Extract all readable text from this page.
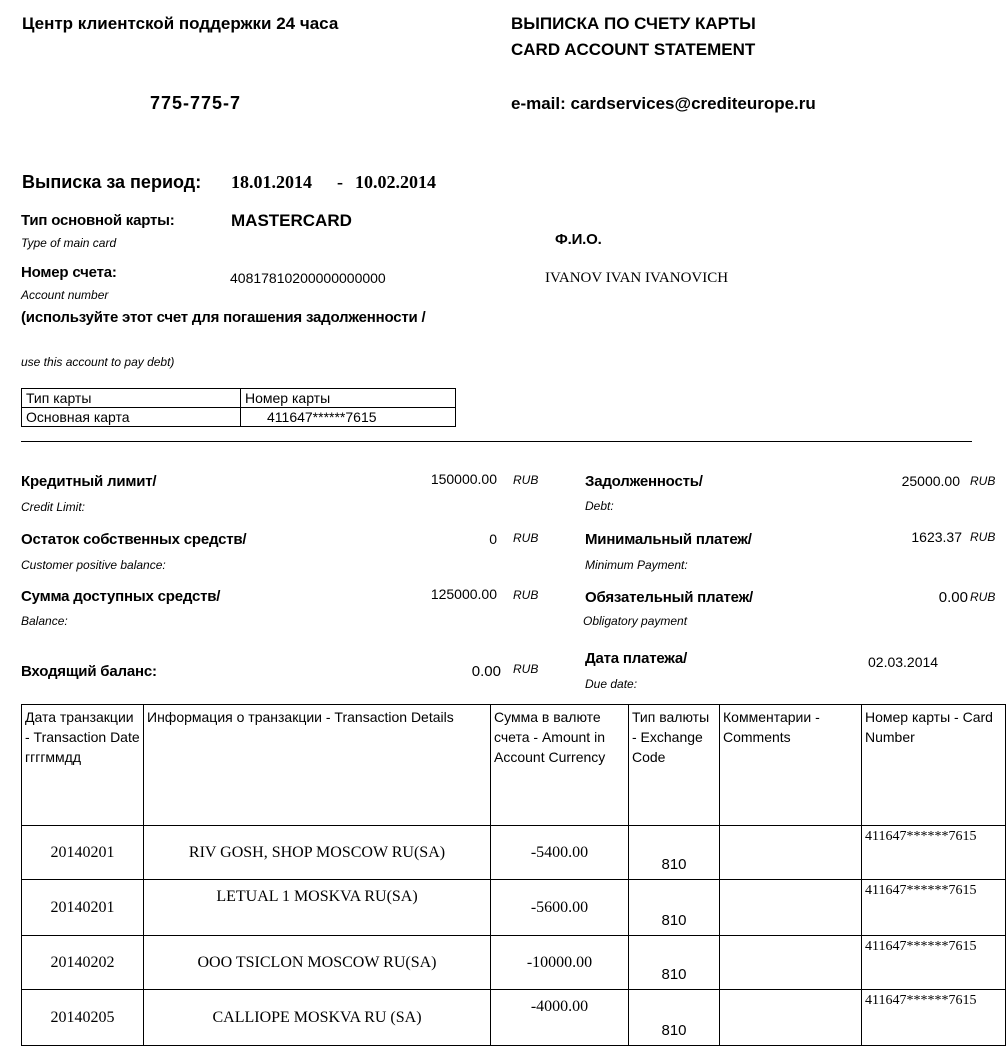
Центр клиентской поддержки 24 часа	ВЫПИСКА ПО СЧЕТУ КАРТЫ
CARD ACCOUNT STATEMENT
775-775-7	e-mail: cardservices@crediteurope.ru
Выписка за период: 18.01.2014 - 10.02.2014
Тип основной карты:
Type of main card
MASTERCARD
Ф.И.О.
Номер счета:
Account number
40817810200000000000	IVANOV IVAN IVANOVICH
(используйте этот счет для погашения задолженности /
use this account to pay debt)
Тип карты	Номер карты
Основная карта	411647******7615
Кредитный лимит/
Credit Limit:
150000.00 RUB
Остаток собственных средств/
Customer positive balance:
0 RUB
Сумма доступных средств/
Balance:
125000.00 RUB
Входящий баланс:	0.00 RUB
Задолженность/
Debt:
25000.00 RUB
Минимальный платеж/
Minimum Payment:
1623.37 RUB
Обязательный платеж/
Obligatory payment
0.00 RUB
Дата платежа/
Due date:
02.03.2014
Дата транзакции - Transaction Date ггггммдд	Информация о транзакции - Transaction Details	Сумма в валюте счета - Amount in Account Currency	Тип валюты - Exchange Code	Комментарии - Comments	Номер карты - Card Number
20140201	RIV GOSH, SHOP MOSCOW RU(SA)	-5400.00	810		411647******7615
20140201	LETUAL 1 MOSKVA RU(SA)	-5600.00	810		411647******7615
20140202	OOO TSICLON MOSCOW RU(SA)	-10000.00	810		411647******7615
20140205	CALLIOPE MOSKVA RU (SA)	-4000.00	810		411647******7615
